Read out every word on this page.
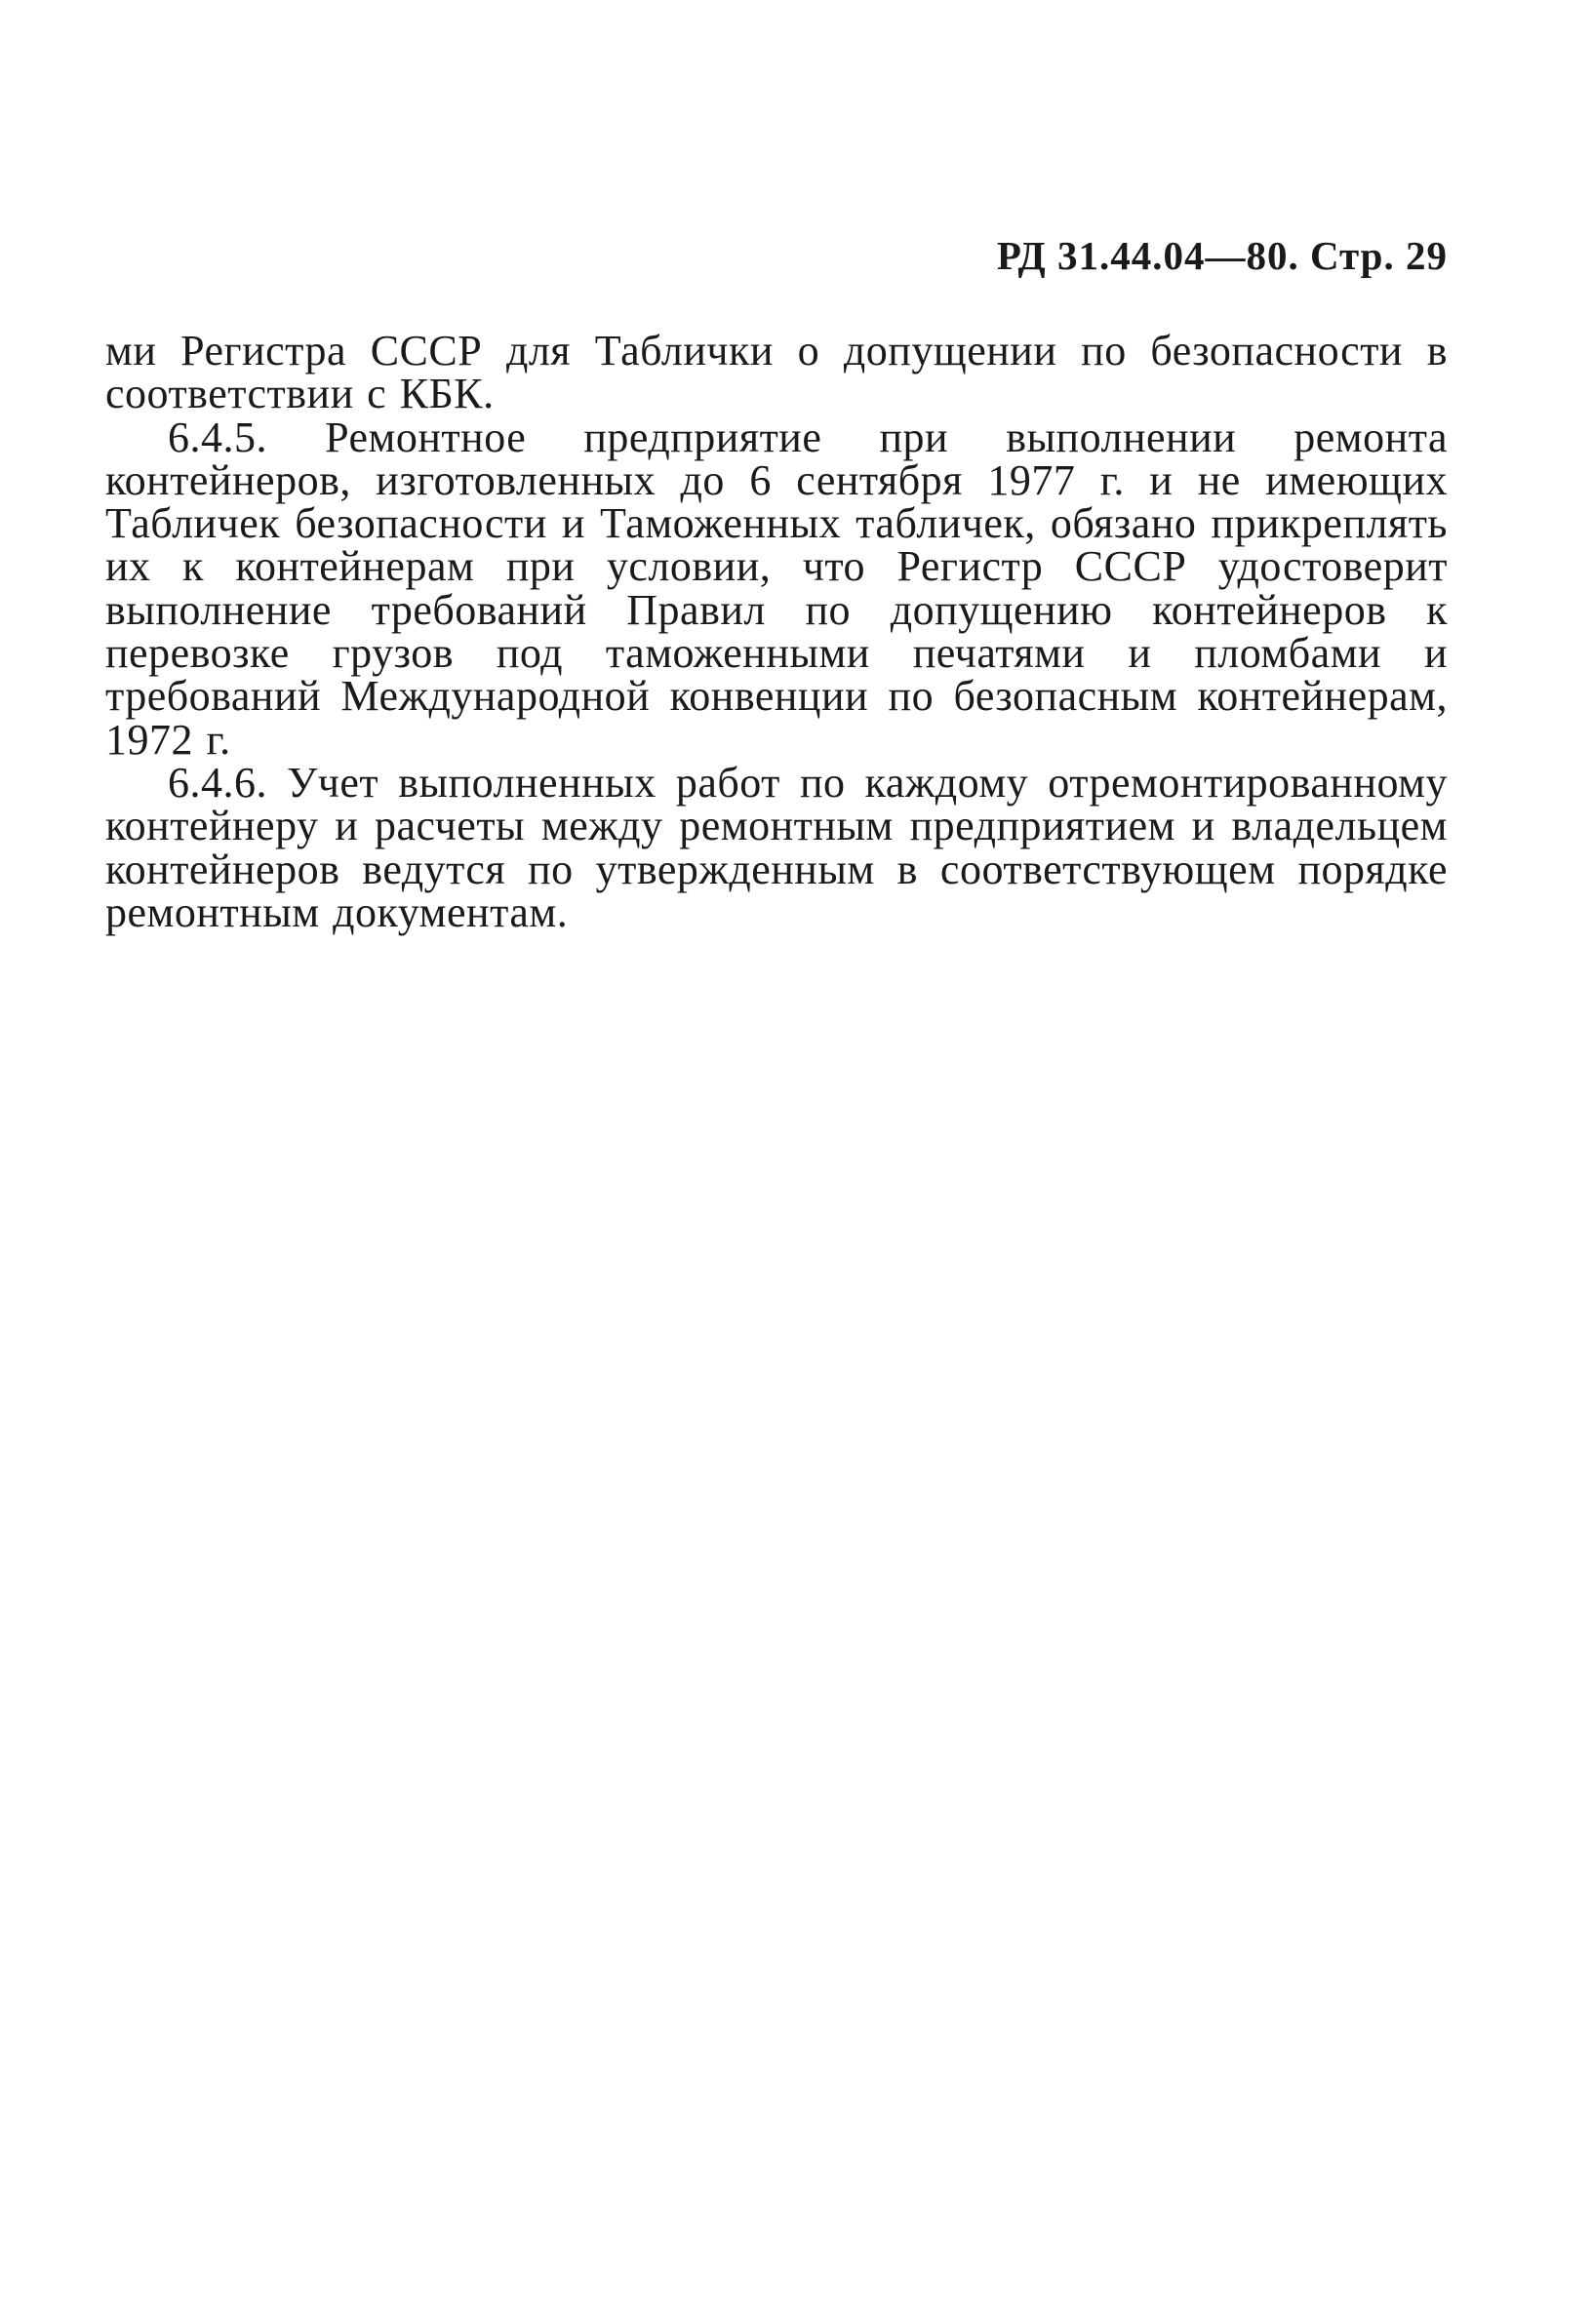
РД 31.44.04—80. Стр. 29

ми Регистра СССР для Таблички о допущении по безопасности в соответствии с КБК.

6.4.5. Ремонтное предприятие при выполнении ремонта контейнеров, изготовленных до 6 сентября 1977 г. и не имеющих Табличек безопасности и Таможенных табличек, обязано прикреплять их к контейнерам при условии, что Регистр СССР удостоверит выполнение требований Правил по допущению контейнеров к перевозке грузов под таможенными печатями и пломбами и требований Международной конвенции по безопасным контейнерам, 1972 г.

6.4.6. Учет выполненных работ по каждому отремонтированному контейнеру и расчеты между ремонтным предприятием и владельцем контейнеров ведутся по утвержденным в соответствующем порядке ремонтным документам.
